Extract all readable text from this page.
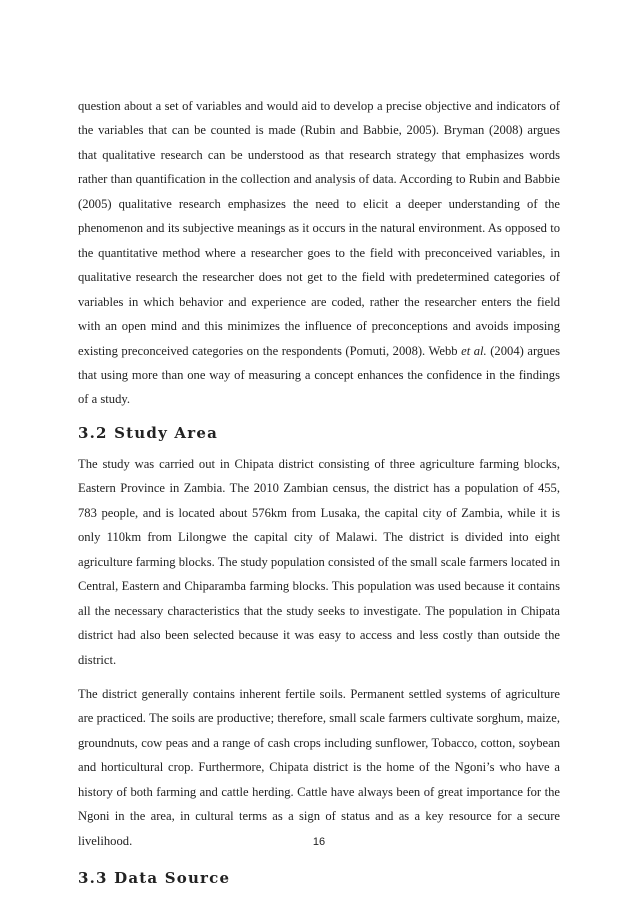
question about a set of variables and would aid to develop a precise objective and indicators of the variables that can be counted is made (Rubin and Babbie, 2005). Bryman (2008) argues that qualitative research can be understood as that research strategy that emphasizes words rather than quantification in the collection and analysis of data. According to Rubin and Babbie (2005) qualitative research emphasizes the need to elicit a deeper understanding of the phenomenon and its subjective meanings as it occurs in the natural environment. As opposed to the quantitative method where a researcher goes to the field with preconceived variables, in qualitative research the researcher does not get to the field with predetermined categories of variables in which behavior and experience are coded, rather the researcher enters the field with an open mind and this minimizes the influence of preconceptions and avoids imposing existing preconceived categories on the respondents (Pomuti, 2008). Webb et al. (2004) argues that using more than one way of measuring a concept enhances the confidence in the findings of a study.

3.2 Study Area

The study was carried out in Chipata district consisting of three agriculture farming blocks, Eastern Province in Zambia. The 2010 Zambian census, the district has a population of 455, 783 people, and is located about 576km from Lusaka, the capital city of Zambia, while it is only 110km from Lilongwe the capital city of Malawi. The district is divided into eight agriculture farming blocks. The study population consisted of the small scale farmers located in Central, Eastern and Chiparamba farming blocks. This population was used because it contains all the necessary characteristics that the study seeks to investigate. The population in Chipata district had also been selected because it was easy to access and less costly than outside the district.

The district generally contains inherent fertile soils. Permanent settled systems of agriculture are practiced. The soils are productive; therefore, small scale farmers cultivate sorghum, maize, groundnuts, cow peas and a range of cash crops including sunflower, Tobacco, cotton, soybean and horticultural crop. Furthermore, Chipata district is the home of the Ngoni’s who have a history of both farming and cattle herding. Cattle have always been of great importance for the Ngoni in the area, in cultural terms as a sign of status and as a key resource for a secure livelihood.

3.3 Data Source
16
